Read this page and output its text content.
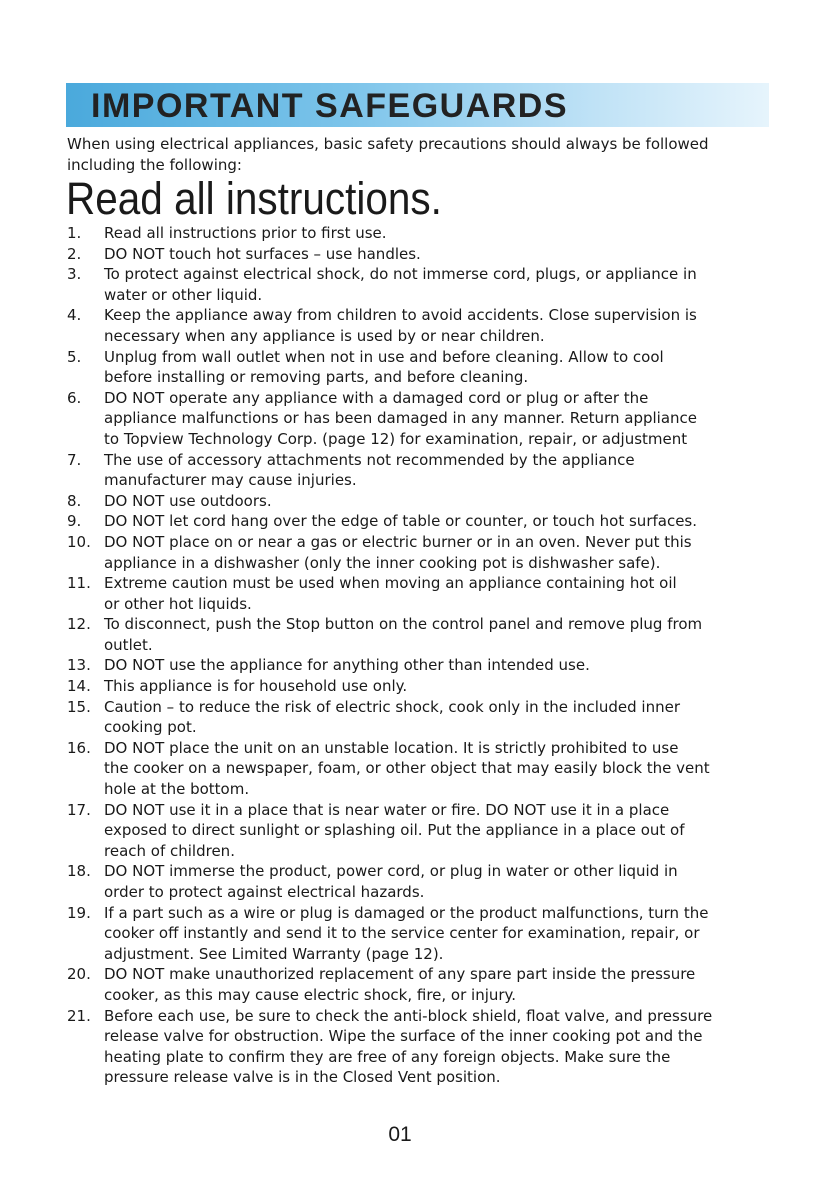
IMPORTANT SAFEGUARDS
When using electrical appliances, basic safety precautions should always be followed
including the following:
Read all instructions.
1.	Read all instructions prior to first use.
2.	DO NOT touch hot surfaces – use handles.
3.	To protect against electrical shock, do not immerse cord, plugs, or appliance in
water or other liquid.
4.	Keep the appliance away from children to avoid accidents. Close supervision is
necessary when any appliance is used by or near children.
5.	Unplug from wall outlet when not in use and before cleaning. Allow to cool
before installing or removing parts, and before cleaning.
6.	DO NOT operate any appliance with a damaged cord or plug or after the
appliance malfunctions or has been damaged in any manner. Return appliance
to Topview Technology Corp. (page 12) for examination, repair, or adjustment
7.	The use of accessory attachments not recommended by the appliance
manufacturer may cause injuries.
8.	DO NOT use outdoors.
9.	DO NOT let cord hang over the edge of table or counter, or touch hot surfaces.
10. DO NOT place on or near a gas or electric burner or in an oven. Never put this
appliance in a dishwasher (only the inner cooking pot is dishwasher safe).
11. Extreme caution must be used when moving an appliance containing hot oil
or other hot liquids.
12. To disconnect, push the Stop button on the control panel and remove plug from
outlet.
13. DO NOT use the appliance for anything other than intended use.
14. This appliance is for household use only.
15. Caution – to reduce the risk of electric shock, cook only in the included inner
cooking pot.
16. DO NOT place the unit on an unstable location. It is strictly prohibited to use
the cooker on a newspaper, foam, or other object that may easily block the vent
hole at the bottom.
17. DO NOT use it in a place that is near water or fire. DO NOT use it in a place
exposed to direct sunlight or splashing oil. Put the appliance in a place out of
reach of children.
18. DO NOT immerse the product, power cord, or plug in water or other liquid in
order to protect against electrical hazards.
19. If a part such as a wire or plug is damaged or the product malfunctions, turn the
cooker off instantly and send it to the service center for examination, repair, or
adjustment. See Limited Warranty (page 12).
20. DO NOT make unauthorized replacement of any spare part inside the pressure
cooker, as this may cause electric shock, fire, or injury.
21. Before each use, be sure to check the anti-block shield, float valve, and pressure
release valve for obstruction. Wipe the surface of the inner cooking pot and the
heating plate to confirm they are free of any foreign objects. Make sure the
pressure release valve is in the Closed Vent position.
01
